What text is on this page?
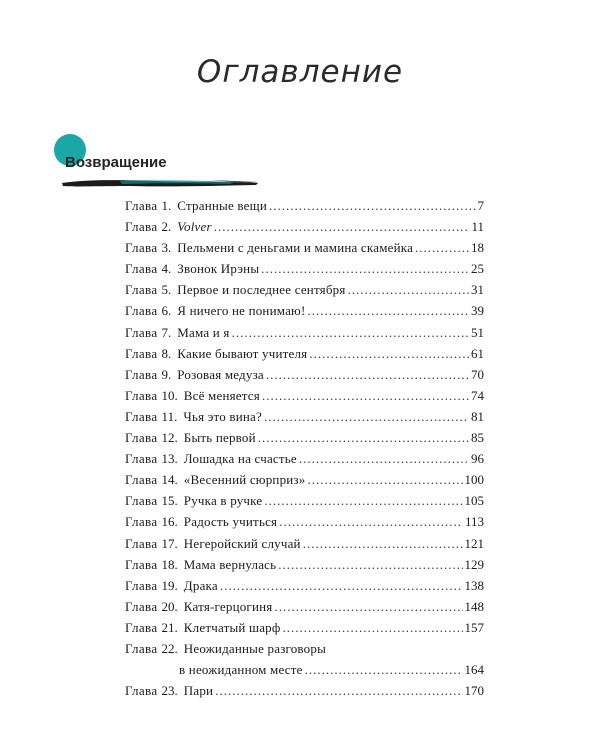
Оглавление
Возвращение
Глава 1. Странные вещи .....	7
Глава 2. Volver .....	11
Глава 3. Пельмени с деньгами и мамина скамейка .....	18
Глава 4. Звонок Ирэны .....	25
Глава 5. Первое и последнее сентября .....	31
Глава 6. Я ничего не понимаю! .....	39
Глава 7. Мама и я .....	51
Глава 8. Какие бывают учителя .....	61
Глава 9. Розовая медуза .....	70
Глава 10. Всё меняется .....	74
Глава 11. Чья это вина? .....	81
Глава 12. Быть первой .....	85
Глава 13. Лошадка на счастье .....	96
Глава 14. «Весенний сюрприз» .....	100
Глава 15. Ручка в ручке .....	105
Глава 16. Радость учиться .....	113
Глава 17. Негеройский случай .....	121
Глава 18. Мама вернулась .....	129
Глава 19. Драка .....	138
Глава 20. Катя-герцогиня .....	148
Глава 21. Клетчатый шарф .....	157
Глава 22. Неожиданные разговоры
в неожиданном месте .....	164
Глава 23. Пари .....	170
